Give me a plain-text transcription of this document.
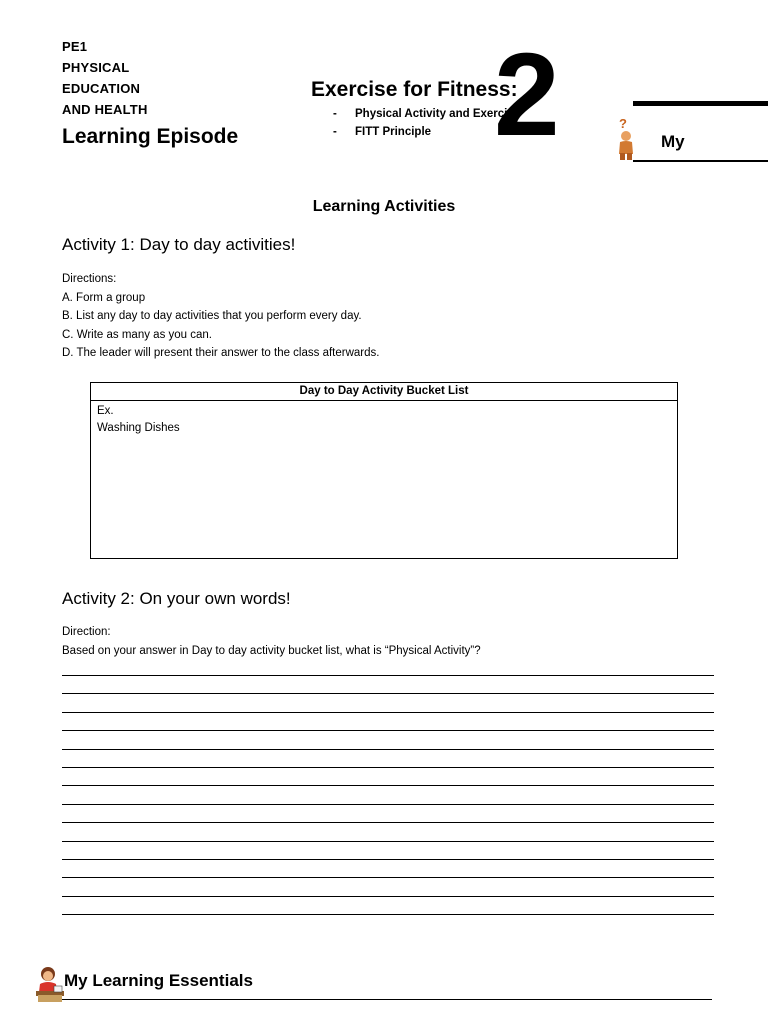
PE1
PHYSICAL
EDUCATION
AND HEALTH
Learning Episode 2
Exercise for Fitness:
- Physical Activity and Exercise
- FITT Principle
?
My
Learning Activities
Activity 1: Day to day activities!
Directions:
A. Form a group
B. List any day to day activities that you perform every day.
C. Write as many as you can.
D. The leader will present their answer to the class afterwards.
Day to Day Activity Bucket List
Ex.
Washing Dishes
Activity 2: On your own words!
Direction:
Based on your answer in Day to day activity bucket list, what is “Physical Activity”?
My Learning Essentials
